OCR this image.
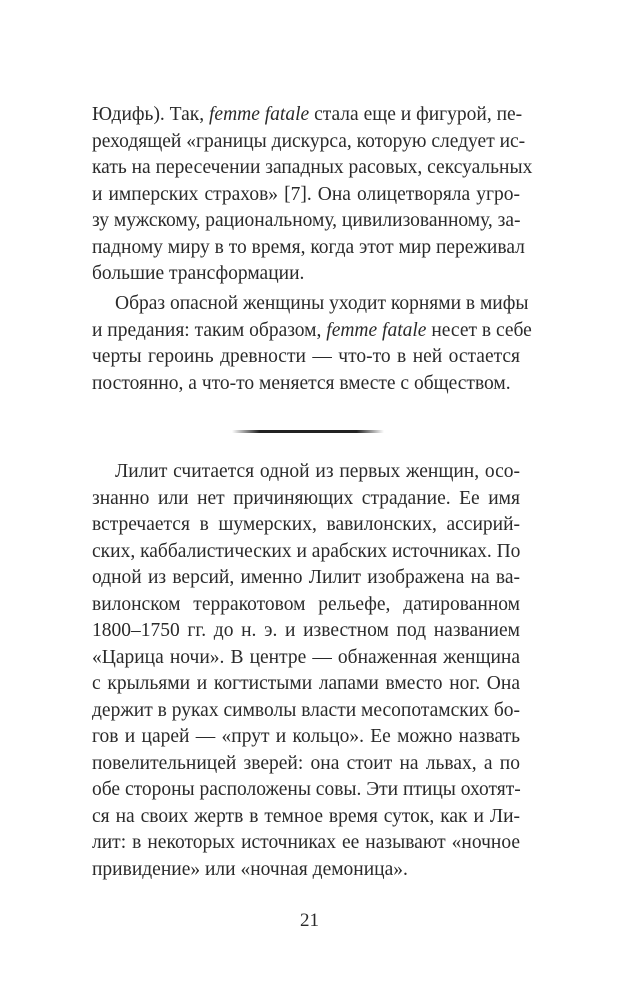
Юдифь). Так, femme fatale стала еще и фигурой, пе-
реходящей «границы дискурса, которую следует ис-
кать на пересечении западных расовых, сексуальных
и имперских страхов» [7]. Она олицетворяла угро-
зу мужскому, рациональному, цивилизованному, за-
падному миру в то время, когда этот мир переживал
большие трансформации.
Образ опасной женщины уходит корнями в мифы
и предания: таким образом, femme fatale несет в себе
черты героинь древности — что-то в ней остается
постоянно, а что-то меняется вместе с обществом.
Лилит считается одной из первых женщин, осо-
знанно или нет причиняющих страдание. Ее имя
встречается в шумерских, вавилонских, ассирий-
ских, каббалистических и арабских источниках. По
одной из версий, именно Лилит изображена на ва-
вилонском терракотовом рельефе, датированном
1800–1750 гг. до н. э. и известном под названием
«Царица ночи». В центре — обнаженная женщина
с крыльями и когтистыми лапами вместо ног. Она
держит в руках символы власти месопотамских бо-
гов и царей — «прут и кольцо». Ее можно назвать
повелительницей зверей: она стоит на львах, а по
обе стороны расположены совы. Эти птицы охотят-
ся на своих жертв в темное время суток, как и Ли-
лит: в некоторых источниках ее называют «ночное
привидение» или «ночная демоница».
21
